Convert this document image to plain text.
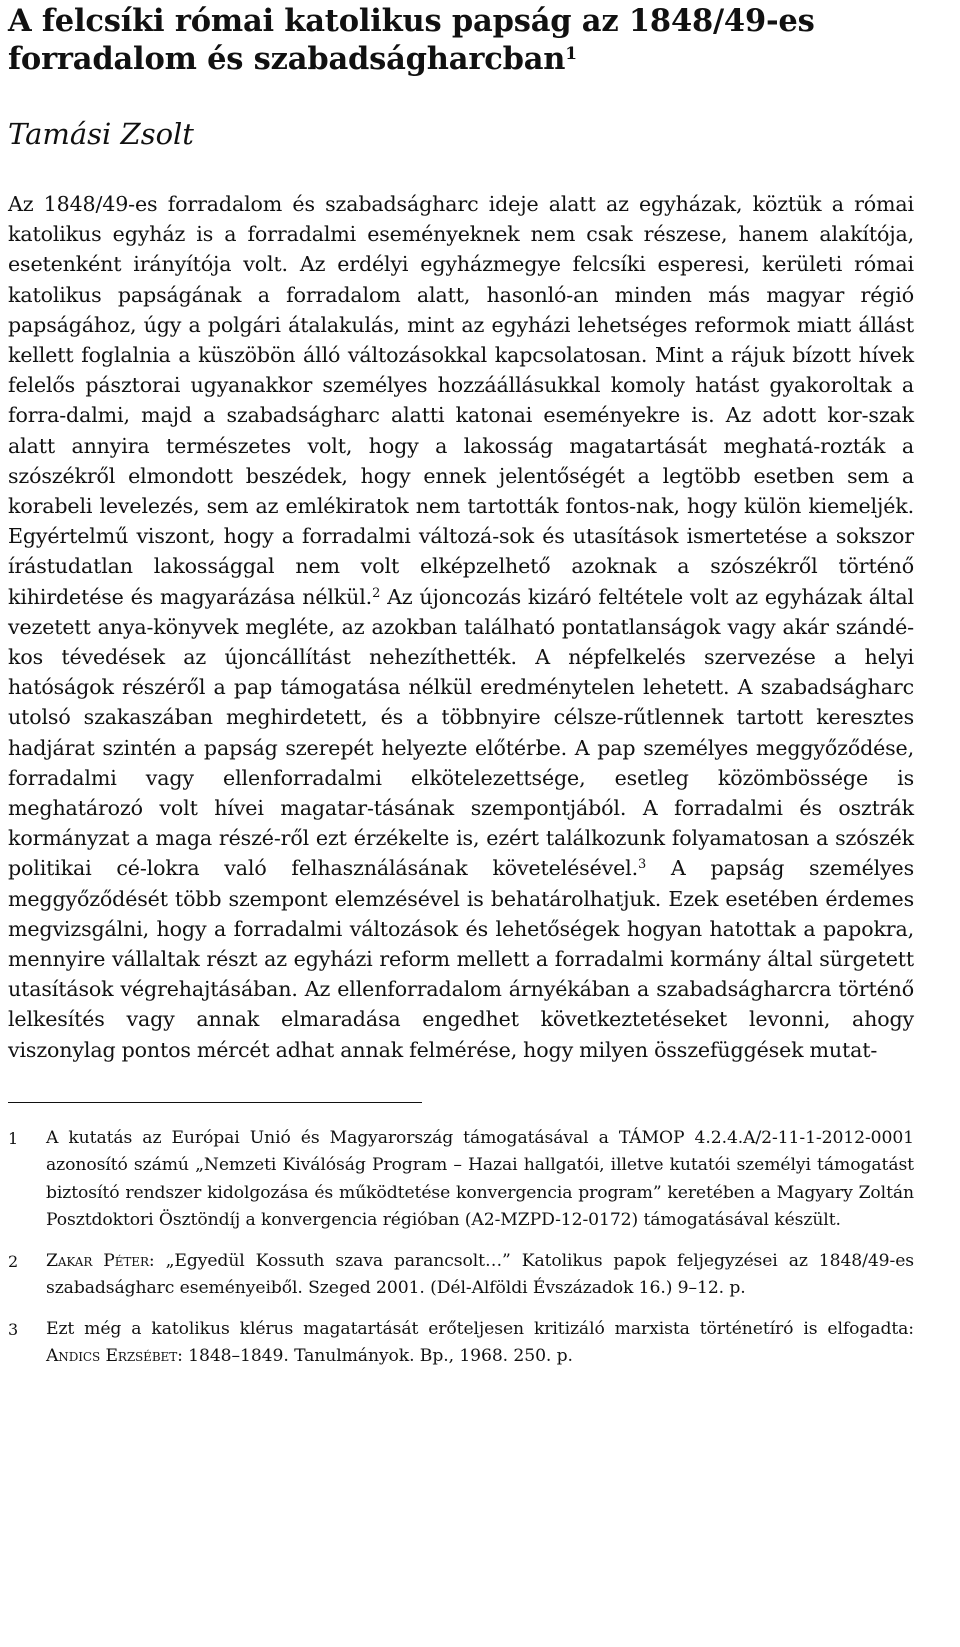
A felcsíki római katolikus papság az 1848/49-es forradalom és szabadságharcban$^1$
Tamási Zsolt

Az 1848/49-es forradalom és szabadságharc ideje alatt az egyházak, köztük a római katolikus egyház is a forradalmi eseményeknek nem csak részese, hanem alakítója, esetenként irányítója volt. Az erdélyi egyházmegye felcsíki esperesi, kerületi római katolikus papságának a forradalom alatt, hasonló-an minden más magyar régió papságához, úgy a polgári átalakulás, mint az egyházi lehetséges reformok miatt állást kellett foglalnia a küszöbön álló változásokkal kapcsolatosan. Mint a rájuk bízott hívek felelős pásztorai ugyanakkor személyes hozzáállásukkal komoly hatást gyakoroltak a forra-dalmi, majd a szabadságharc alatti katonai eseményekre is. Az adott kor-szak alatt annyira természetes volt, hogy a lakosság magatartását meghatá-rozták a szószékről elmondott beszédek, hogy ennek jelentőségét a legtöbb esetben sem a korabeli levelezés, sem az emlékiratok nem tartották fontos-nak, hogy külön kiemeljék. Egyértelmű viszont, hogy a forradalmi változá-sok és utasítások ismertetése a sokszor írástudatlan lakossággal nem volt elképzelhető azoknak a szószékről történő kihirdetése és magyarázása nélkül.$^2$ Az újoncozás kizáró feltétele volt az egyházak által vezetett anya-könyvek megléte, az azokban található pontatlanságok vagy akár szándé-kos tévedések az újoncállítást nehezíthették. A népfelkelés szervezése a helyi hatóságok részéről a pap támogatása nélkül eredménytelen lehetett. A szabadságharc utolsó szakaszában meghirdetett, és a többnyire célsze-rűtlennek tartott keresztes hadjárat szintén a papság szerepét helyezte előtérbe. A pap személyes meggyőződése, forradalmi vagy ellenforradalmi elkötelezettsége, esetleg közömbössége is meghatározó volt hívei magatar-tásának szempontjából. A forradalmi és osztrák kormányzat a maga részé-ről ezt érzékelte is, ezért találkozunk folyamatosan a szószék politikai cé-lokra való felhasználásának követelésével.$^3$ A papság személyes meggyőződését több szempont elemzésével is behatárolhatjuk. Ezek esetében érdemes megvizsgálni, hogy a forradalmi változások és lehetőségek hogyan hatottak a papokra, mennyire vállaltak részt az egyházi reform mellett a forradalmi kormány által sürgetett utasítások végrehajtásában. Az ellenforradalom árnyékában a szabadságharcra történő lelkesítés vagy annak elmaradása engedhet következtetéseket levonni, ahogy viszonylag pontos mércét adhat annak felmérése, hogy milyen összefüggések mutat-

1 A kutatás az Európai Unió és Magyarország támogatásával a TÁMOP 4.2.4.A/2-11-1-2012-0001 azonosító számú „Nemzeti Kiválóság Program – Hazai hallgatói, illetve kutatói személyi támogatást biztosító rendszer kidolgozása és működtetése konvergencia program” keretében a Magyary Zoltán Posztdoktori Ösztöndíj a konvergencia régióban (A2-MZPD-12-0172) támogatásával készült.
2 Zakar Péter: „Egyedül Kossuth szava parancsolt…” Katolikus papok feljegyzései az 1848/49-es szabadságharc eseményeiből. Szeged 2001. (Dél-Alföldi Évszázadok 16.) 9–12. p.
3 Ezt még a katolikus klérus magatartását erőteljesen kritizáló marxista történetíró is elfogadta: Andics Erzsébet: 1848–1849. Tanulmányok. Bp., 1968. 250. p.
